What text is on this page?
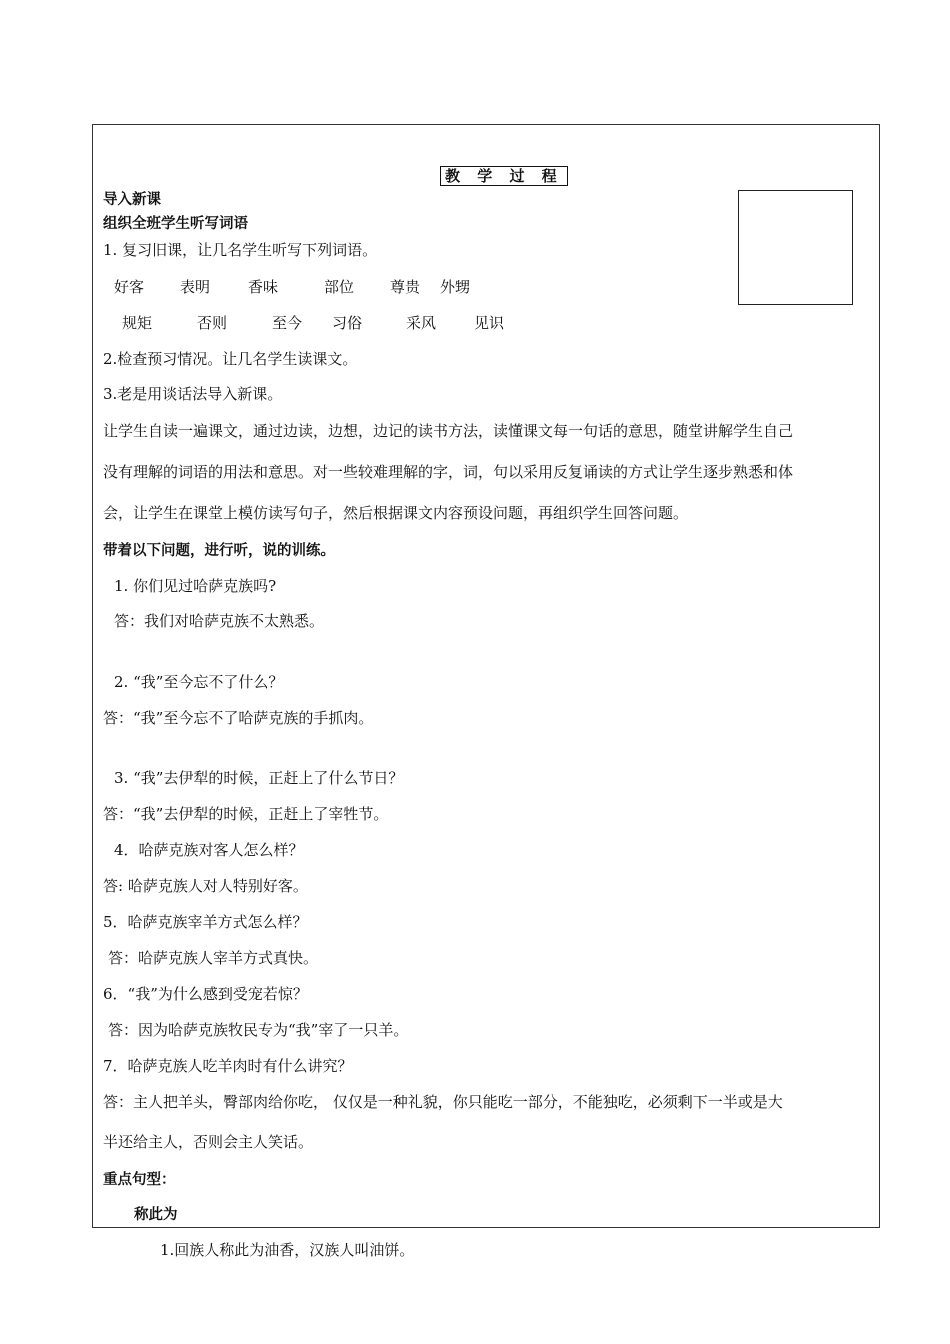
教 学 过 程
导入新课
组织全班学生听写词语
1. 复习旧课，让几名学生听写下列词语。
好客 表明	香味	部位 尊贵 外甥
规矩	否则	至今 习俗	采风	见识
2.检查预习情况。让几名学生读课文。
3.老是用谈话法导入新课。
让学生自读一遍课文，通过边读，边想，边记的读书方法，读懂课文每一句话的意思，随堂讲解学生自己
没有理解的词语的用法和意思。对一些较难理解的字，词，句以采用反复诵读的方式让学生逐步熟悉和体
会，让学生在课堂上模仿读写句子，然后根据课文内容预设问题，再组织学生回答问题。
带着以下问题，进行听，说的训练。
1. 你们见过哈萨克族吗?
答：我们对哈萨克族不太熟悉。
2. “我”至今忘不了什么？
答：“我”至今忘不了哈萨克族的手抓肉。
3. “我”去伊犁的时候，正赶上了什么节日？
答：“我”去伊犁的时候，正赶上了宰牲节。
4．哈萨克族对客人怎么样？
答: 哈萨克族人对人特别好客。
5．哈萨克族宰羊方式怎么样？
答：哈萨克族人宰羊方式真快。
6．“我”为什么感到受宠若惊？
答：因为哈萨克族牧民专为“我”宰了一只羊。
7．哈萨克族人吃羊肉时有什么讲究？
答：主人把羊头，臀部肉给你吃， 仅仅是一种礼貌，你只能吃一部分，不能独吃，必须剩下一半或是大
半还给主人，否则会主人笑话。
重点句型：
称此为
1.回族人称此为油香，汉族人叫油饼。
